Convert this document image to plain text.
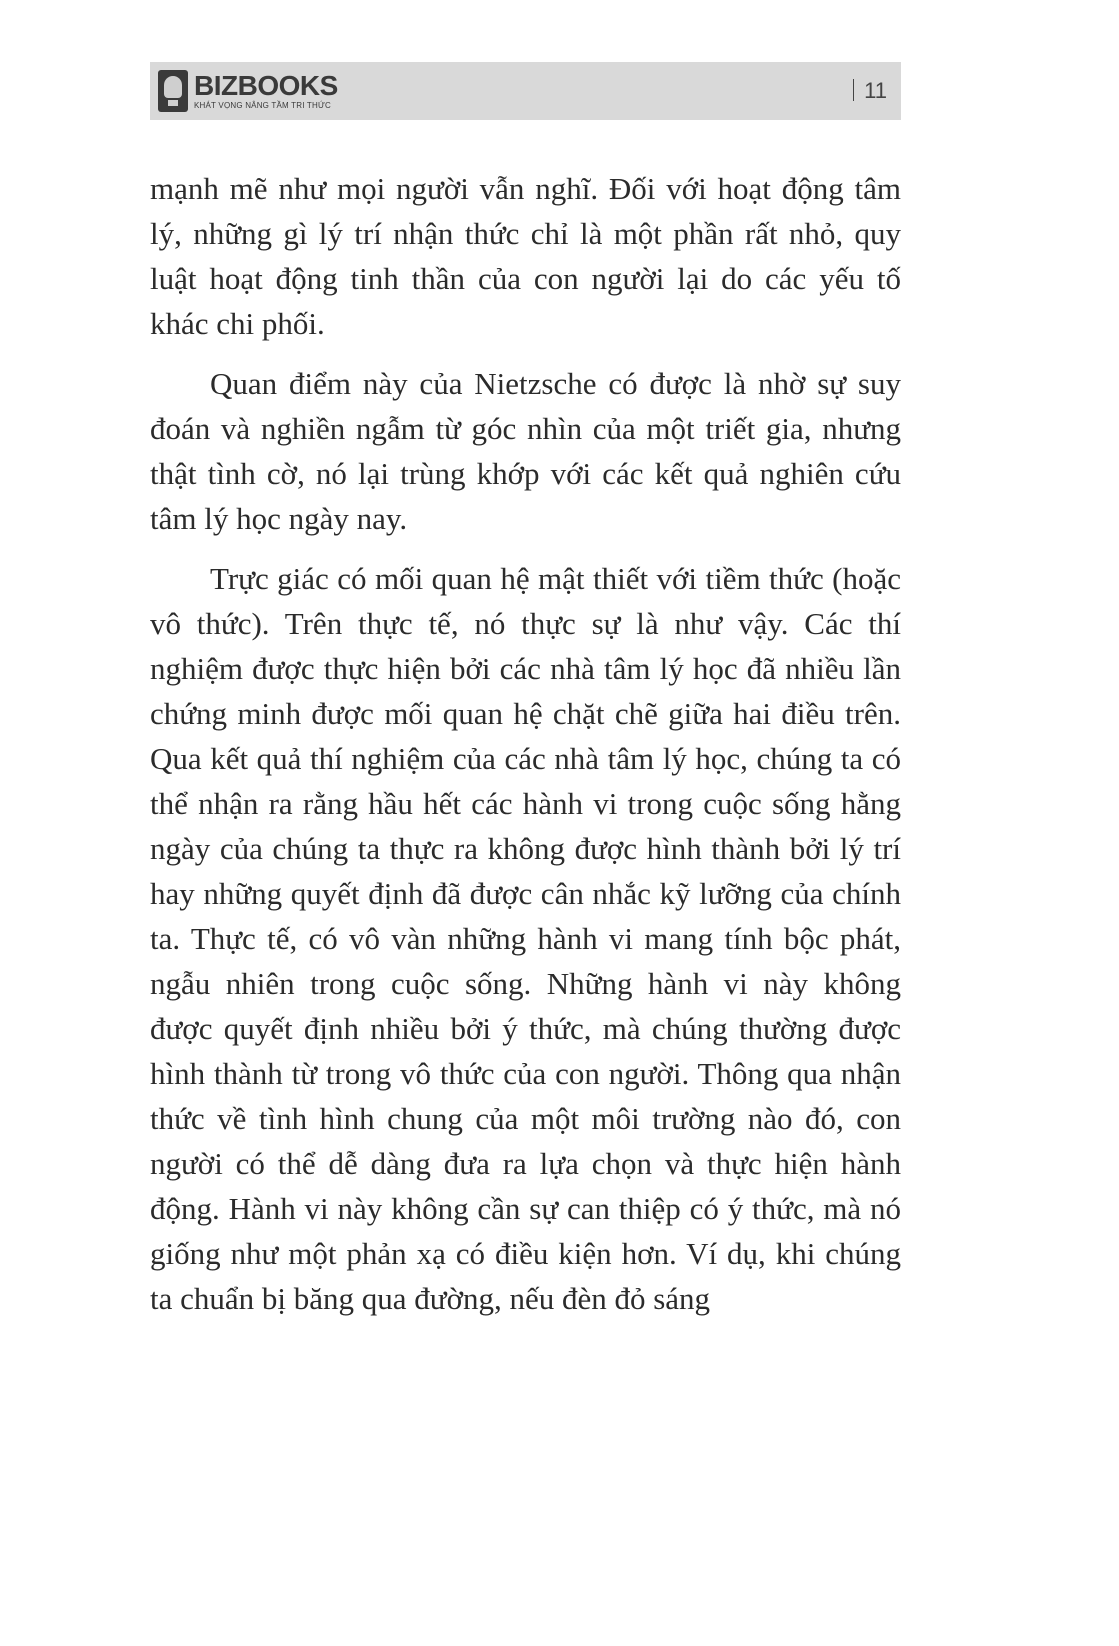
BIZBOOKS
KHÁT VỌNG NÂNG TẦM TRI THỨC
11

mạnh mẽ như mọi người vẫn nghĩ. Đối với hoạt động tâm lý, những gì lý trí nhận thức chỉ là một phần rất nhỏ, quy luật hoạt động tinh thần của con người lại do các yếu tố khác chi phối.

Quan điểm này của Nietzsche có được là nhờ sự suy đoán và nghiền ngẫm từ góc nhìn của một triết gia, nhưng thật tình cờ, nó lại trùng khớp với các kết quả nghiên cứu tâm lý học ngày nay.

Trực giác có mối quan hệ mật thiết với tiềm thức (hoặc vô thức). Trên thực tế, nó thực sự là như vậy. Các thí nghiệm được thực hiện bởi các nhà tâm lý học đã nhiều lần chứng minh được mối quan hệ chặt chẽ giữa hai điều trên. Qua kết quả thí nghiệm của các nhà tâm lý học, chúng ta có thể nhận ra rằng hầu hết các hành vi trong cuộc sống hằng ngày của chúng ta thực ra không được hình thành bởi lý trí hay những quyết định đã được cân nhắc kỹ lưỡng của chính ta. Thực tế, có vô vàn những hành vi mang tính bộc phát, ngẫu nhiên trong cuộc sống. Những hành vi này không được quyết định nhiều bởi ý thức, mà chúng thường được hình thành từ trong vô thức của con người. Thông qua nhận thức về tình hình chung của một môi trường nào đó, con người có thể dễ dàng đưa ra lựa chọn và thực hiện hành động. Hành vi này không cần sự can thiệp có ý thức, mà nó giống như một phản xạ có điều kiện hơn. Ví dụ, khi chúng ta chuẩn bị băng qua đường, nếu đèn đỏ sáng
